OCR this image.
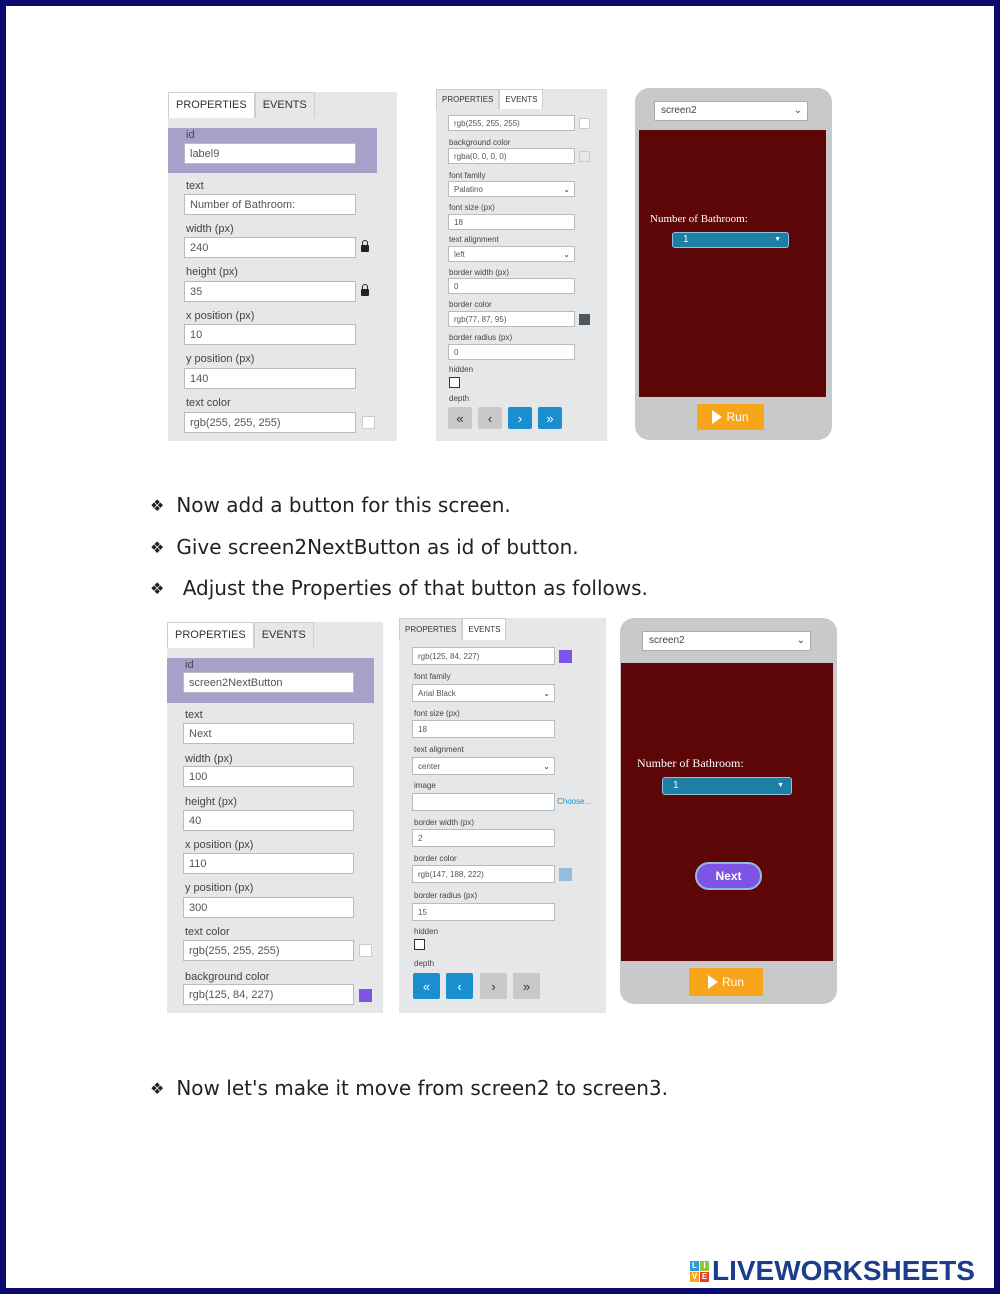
PROPERTIES	EVENTS
id
label9
text
Number of Bathroom:
width (px)
240
height (px)
35
x position (px)
10
y position (px)
140
text color
rgb(255, 255, 255)
PROPERTIES	EVENTS
rgb(255, 255, 255)
background color
rgba(0, 0, 0, 0)
font family
Palatino	⌄
font size (px)
18
text alignment
left	⌄
border width (px)
0
border color
rgb(77, 87, 95)
border radius (px)
0
hidden
depth
«	‹	›	»
screen2	⌄
Number of Bathroom:
1	▼
Run
❖ Now add a button for this screen.
❖ Give screen2NextButton as id of button.
❖ Adjust the Properties of that button as follows.
PROPERTIES	EVENTS
id
screen2NextButton
text
Next
width (px)
100
height (px)
40
x position (px)
110
y position (px)
300
text color
rgb(255, 255, 255)
background color
rgb(125, 84, 227)
PROPERTIES	EVENTS
rgb(125, 84, 227)
font family
Arial Black	⌄
font size (px)
18
text alignment
center	⌄
image
Choose...
border width (px)
2
border color
rgb(147, 188, 222)
border radius (px)
15
hidden
depth
«	‹	›	»
screen2	⌄
Number of Bathroom:
1	▼
Next
Run
❖ Now let's make it move from screen2 to screen3.
L I
V E LIVEWORKSHEETS
